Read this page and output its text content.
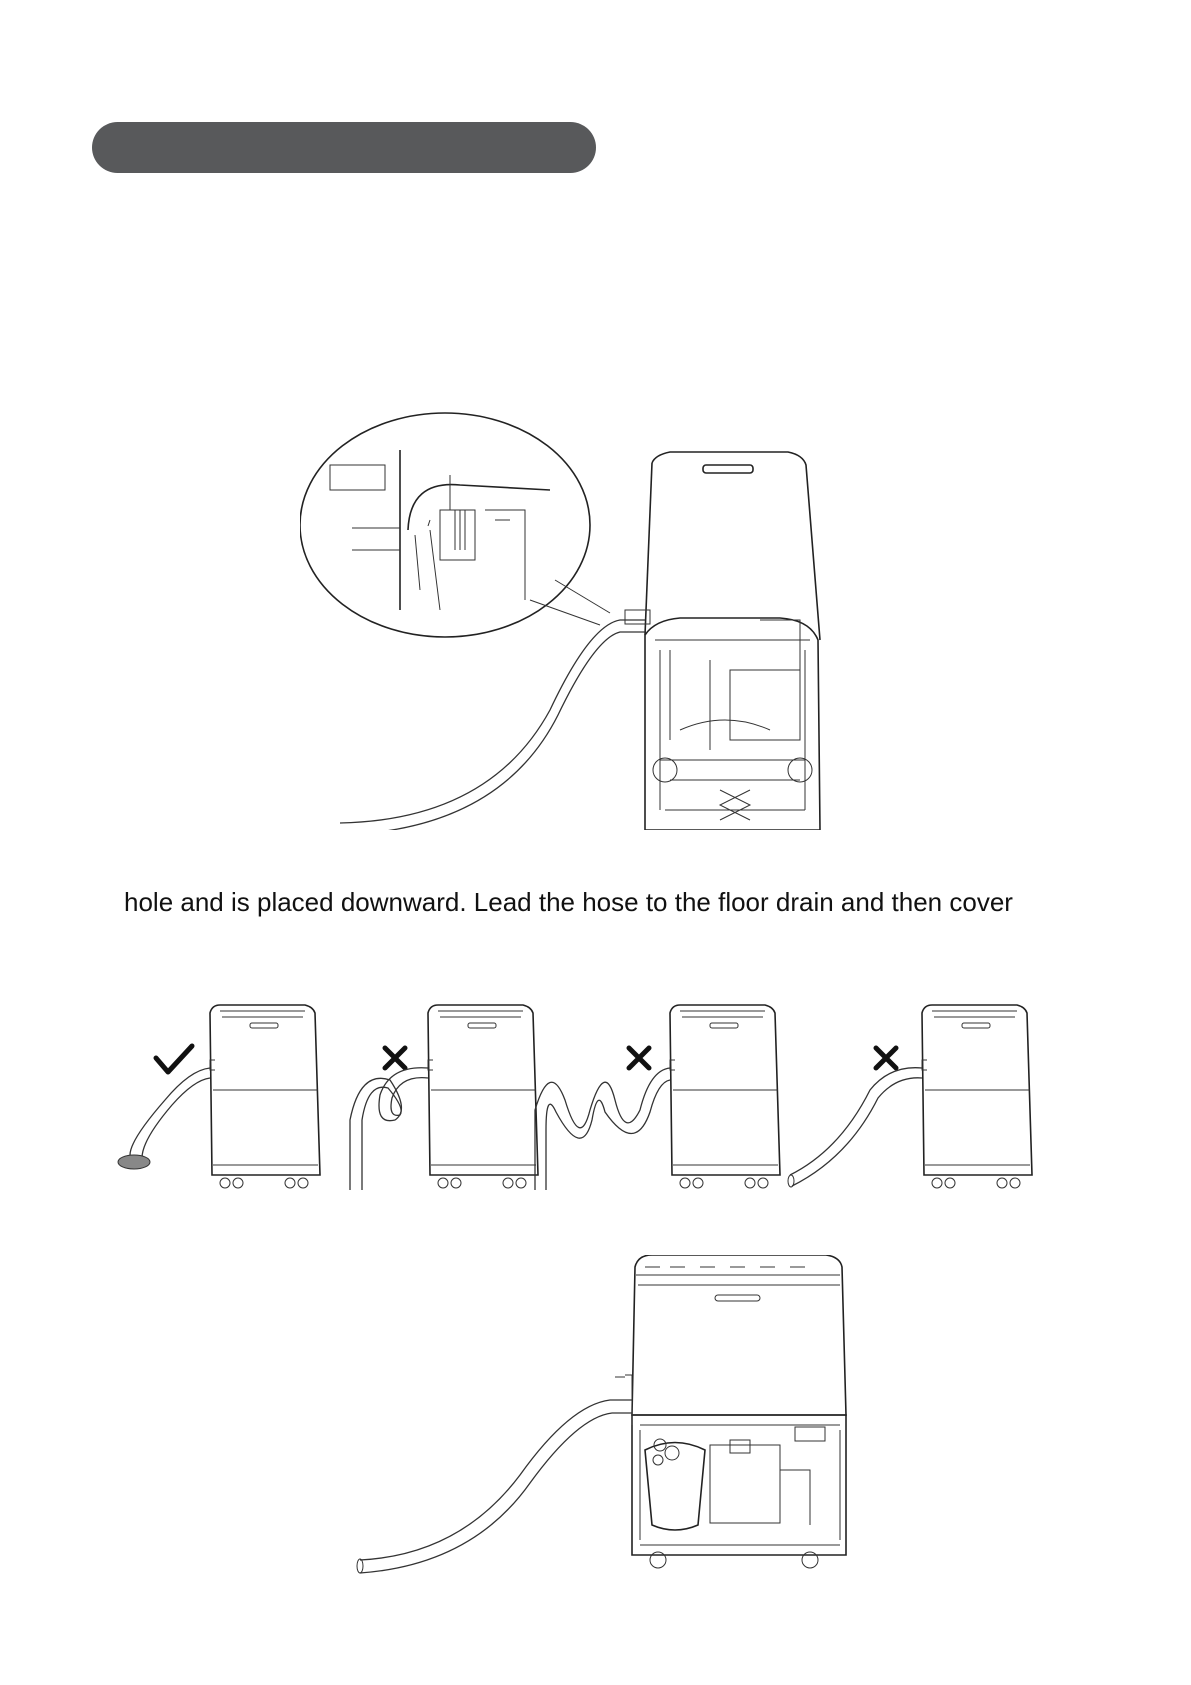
hole and is placed downward. Lead the hose to the floor drain and then cover
